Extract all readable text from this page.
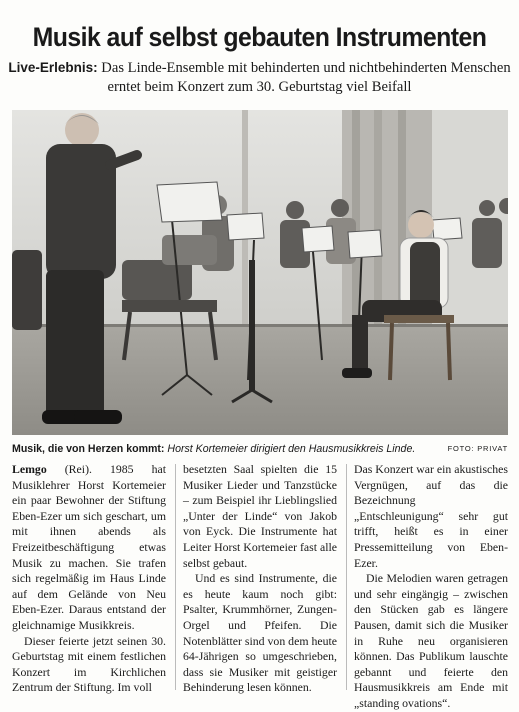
Musik auf selbst gebauten Instrumenten
Live-Erlebnis: Das Linde-Ensemble mit behinderten und nichtbehinderten Menschen erntet beim Konzert zum 30. Geburtstag viel Beifall
Musik, die von Herzen kommt: Horst Kortemeier dirigiert den Hausmusikkreis Linde.	FOTO: PRIVAT

Lemgo (Rei). 1985 hat Musiklehrer Horst Kortemeier ein paar Bewohner der Stiftung Eben-Ezer um sich geschart, um mit ihnen abends als Freizeitbeschäftigung etwas Musik zu machen. Sie trafen sich regelmäßig im Haus Linde auf dem Gelände von Neu Eben-Ezer. Daraus entstand der gleichnamige Musikkreis.

Dieser feierte jetzt seinen 30. Geburtstag mit einem festlichen Konzert im Kirchlichen Zentrum der Stiftung. Im voll

besetzten Saal spielten die 15 Musiker Lieder und Tanzstücke – zum Beispiel ihr Lieblingslied „Unter der Linde“ von Jakob von Eyck. Die Instrumente hat Leiter Horst Kortemeier fast alle selbst gebaut.

Und es sind Instrumente, die es heute kaum noch gibt: Psalter, Krummhörner, Zungen-Orgel und Pfeifen. Die Notenblätter sind von dem heute 64-Jährigen so umgeschrieben, dass sie Musiker mit geistiger Behinderung lesen können.

Das Konzert war ein akustisches Vergnügen, auf das die Bezeichnung „Entschleunigung“ sehr gut trifft, heißt es in einer Pressemitteilung von Eben-Ezer.

Die Melodien waren getragen und sehr eingängig – zwischen den Stücken gab es längere Pausen, damit sich die Musiker in Ruhe neu organisieren können. Das Publikum lauschte gebannt und feierte den Hausmusikkreis am Ende mit „standing ovations“.
